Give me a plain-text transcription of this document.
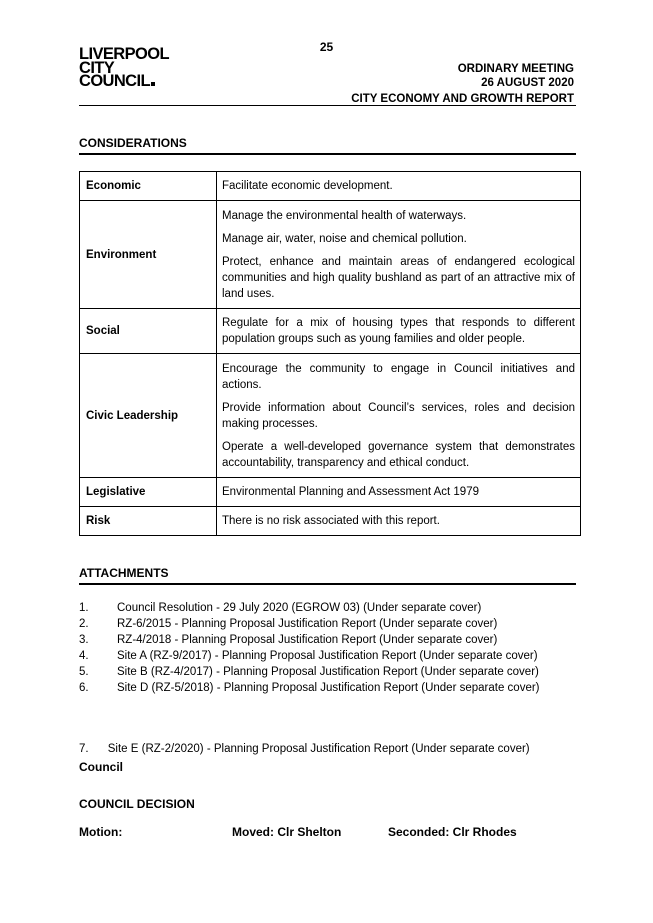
25
LIVERPOOL
CITY
COUNCIL
ORDINARY MEETING
26 AUGUST 2020
CITY ECONOMY AND GROWTH REPORT
CONSIDERATIONS
Economic	Facilitate economic development.

Environment	Manage the environmental health of waterways.

Manage air, water, noise and chemical pollution.

Protect, enhance and maintain areas of endangered ecological communities and high quality bushland as part of an attractive mix of land uses.

Social	Regulate for a mix of housing types that responds to different population groups such as young families and older people.

Civic Leadership	Encourage the community to engage in Council initiatives and actions.

Provide information about Council’s services, roles and decision making processes.

Operate a well-developed governance system that demonstrates accountability, transparency and ethical conduct.

Legislative	Environmental Planning and Assessment Act 1979

Risk	There is no risk associated with this report.

ATTACHMENTS
1.	Council Resolution - 29 July 2020 (EGROW 03) (Under separate cover)
2.	RZ-6/2015 - Planning Proposal Justification Report (Under separate cover)
3.	RZ-4/2018 - Planning Proposal Justification Report (Under separate cover)
4.	Site A (RZ-9/2017) - Planning Proposal Justification Report (Under separate cover)
5.	Site B (RZ-4/2017) - Planning Proposal Justification Report (Under separate cover)
6.	Site D (RZ-5/2018) - Planning Proposal Justification Report (Under separate cover)
7. Site E (RZ-2/2020) - Planning Proposal Justification Report (Under separate cover)
Council
COUNCIL DECISION
Motion:	Moved: Clr Shelton	Seconded: Clr Rhodes
